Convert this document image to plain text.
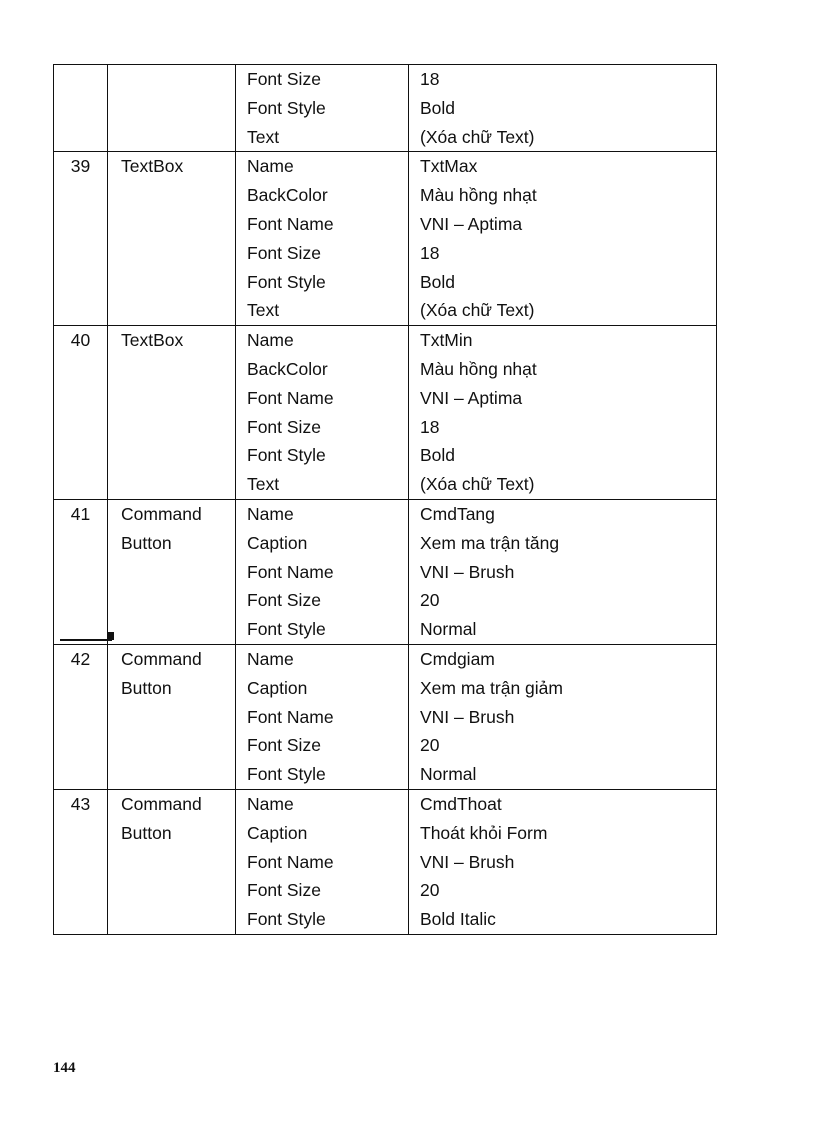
		Font Size	18
		Font Style	Bold
		Text	(Xóa chữ Text)
39	TextBox	Name	TxtMax
		BackColor	Màu hồng nhạt
		Font Name	VNI – Aptima
		Font Size	18
		Font Style	Bold
		Text	(Xóa chữ Text)
40	TextBox	Name	TxtMin
		BackColor	Màu hồng nhạt
		Font Name	VNI – Aptima
		Font Size	18
		Font Style	Bold
		Text	(Xóa chữ Text)
41	Command	Name	CmdTang
	Button	Caption	Xem ma trận tăng
		Font Name	VNI – Brush
		Font Size	20
		Font Style	Normal
42	Command	Name	Cmdgiam
	Button	Caption	Xem ma trận giảm
		Font Name	VNI – Brush
		Font Size	20
		Font Style	Normal
43	Command	Name	CmdThoat
	Button	Caption	Thoát khỏi Form
		Font Name	VNI – Brush
		Font Size	20
		Font Style	Bold Italic
144
